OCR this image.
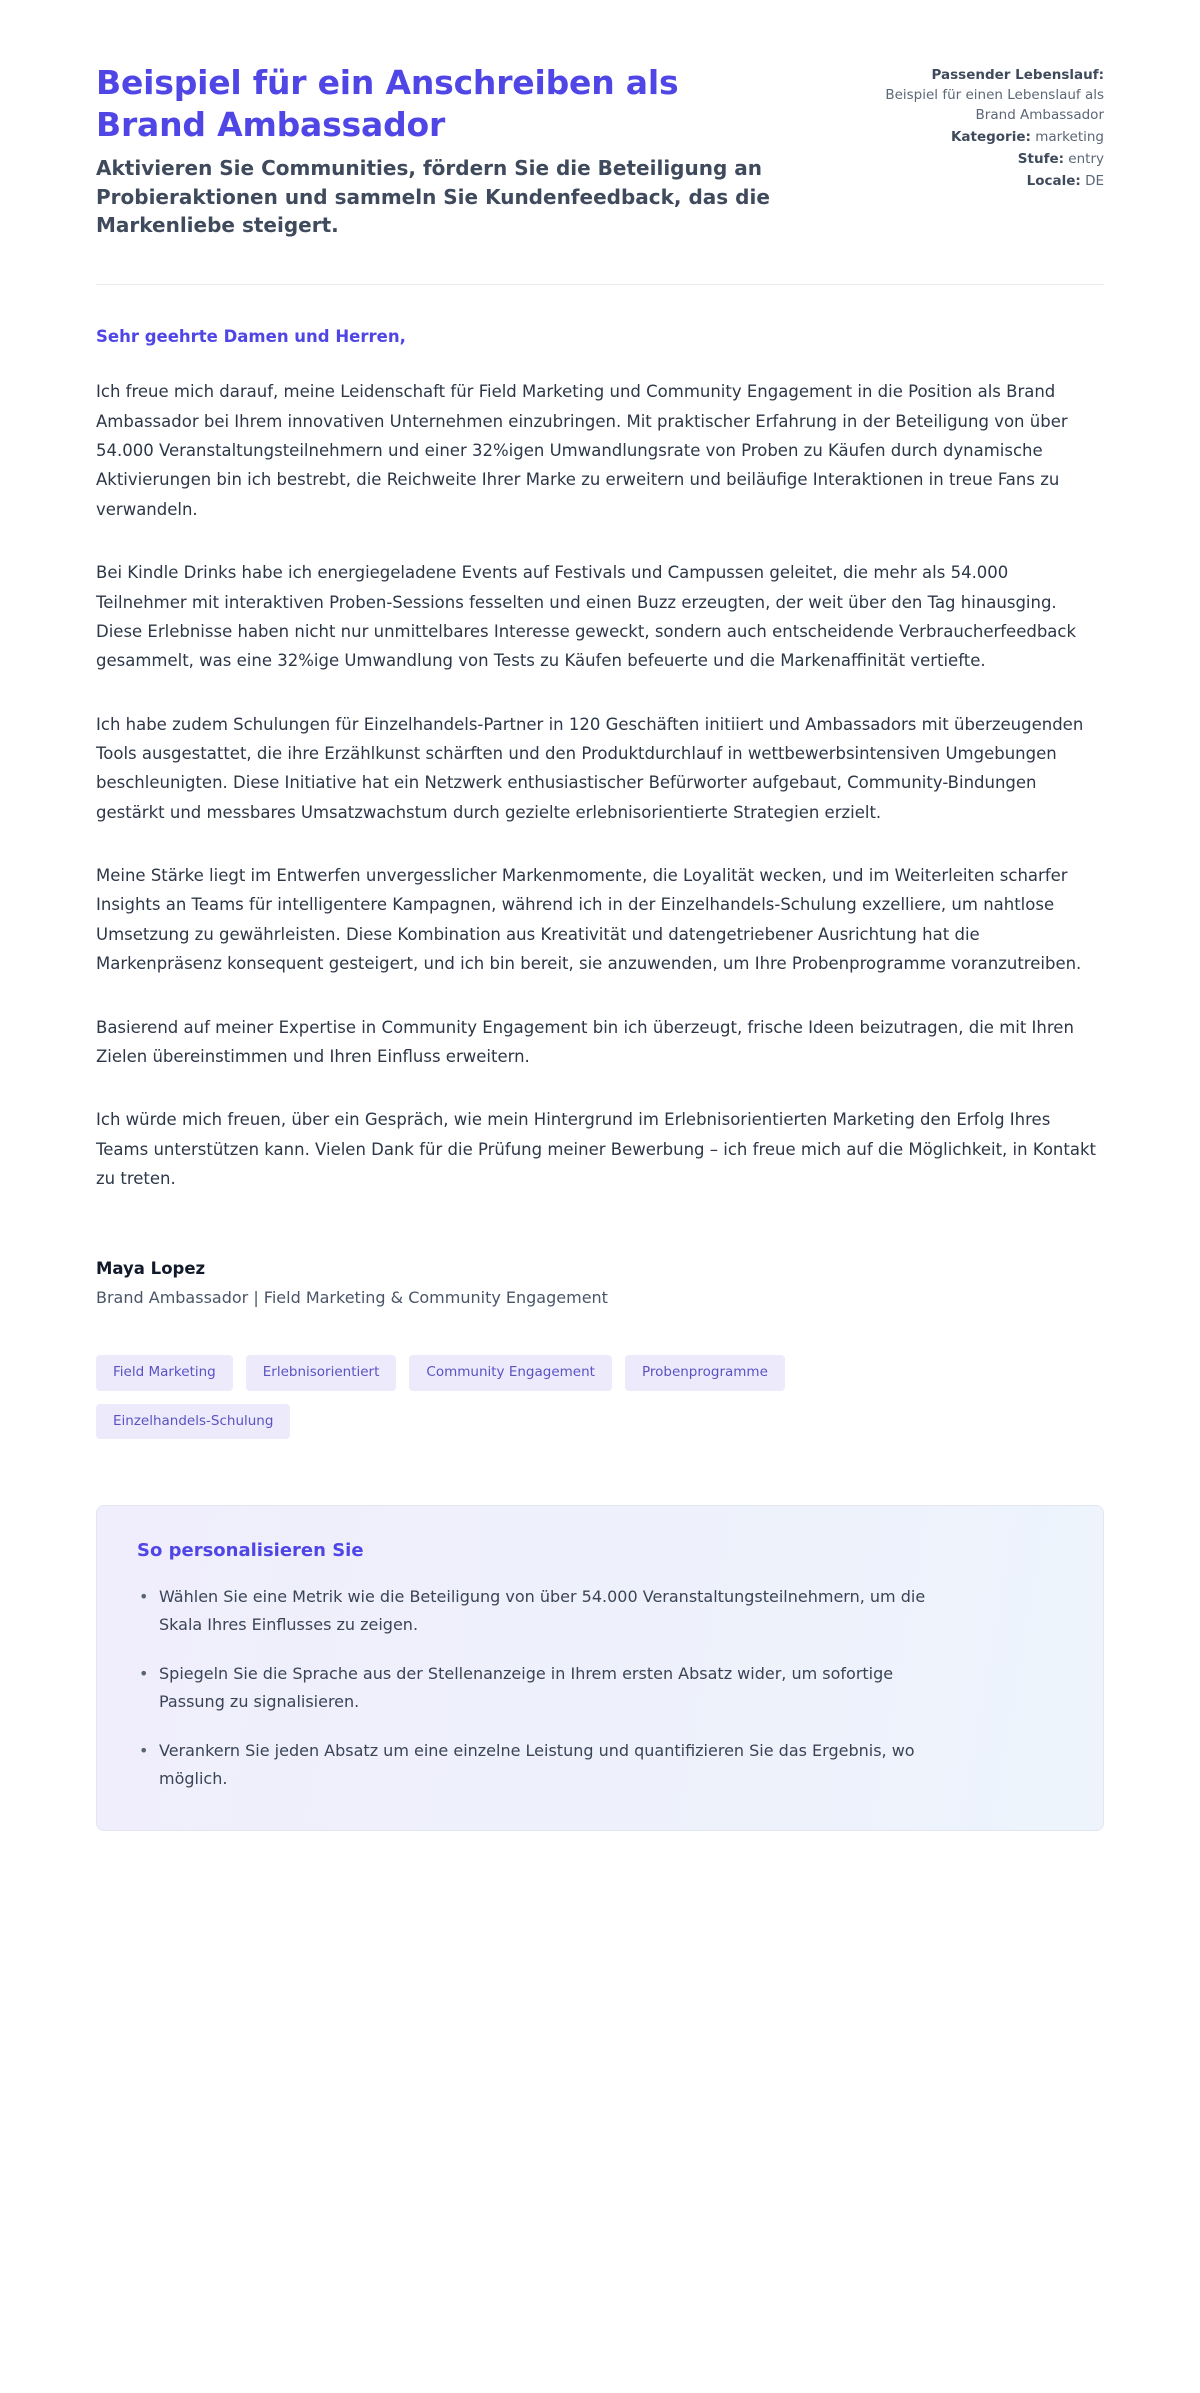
Beispiel für ein Anschreiben als Brand Ambassador

Aktivieren Sie Communities, fördern Sie die Beteiligung an Probieraktionen und sammeln Sie Kundenfeedback, das die Markenliebe steigert.

Passender Lebenslauf:
Beispiel für einen Lebenslauf als Brand Ambassador
Kategorie: marketing
Stufe: entry
Locale: DE

Sehr geehrte Damen und Herren,

Ich freue mich darauf, meine Leidenschaft für Field Marketing und Community Engagement in die Position als Brand Ambassador bei Ihrem innovativen Unternehmen einzubringen. Mit praktischer Erfahrung in der Beteiligung von über 54.000 Veranstaltungsteilnehmern und einer 32%igen Umwandlungsrate von Proben zu Käufen durch dynamische Aktivierungen bin ich bestrebt, die Reichweite Ihrer Marke zu erweitern und beiläufige Interaktionen in treue Fans zu verwandeln.

Bei Kindle Drinks habe ich energiegeladene Events auf Festivals und Campussen geleitet, die mehr als 54.000 Teilnehmer mit interaktiven Proben-Sessions fesselten und einen Buzz erzeugten, der weit über den Tag hinausging. Diese Erlebnisse haben nicht nur unmittelbares Interesse geweckt, sondern auch entscheidende Verbraucherfeedback gesammelt, was eine 32%ige Umwandlung von Tests zu Käufen befeuerte und die Markenaffinität vertiefte.

Ich habe zudem Schulungen für Einzelhandels-Partner in 120 Geschäften initiiert und Ambassadors mit überzeugenden Tools ausgestattet, die ihre Erzählkunst schärften und den Produktdurchlauf in wettbewerbsintensiven Umgebungen beschleunigten. Diese Initiative hat ein Netzwerk enthusiastischer Befürworter aufgebaut, Community-Bindungen gestärkt und messbares Umsatzwachstum durch gezielte erlebnisorientierte Strategien erzielt.

Meine Stärke liegt im Entwerfen unvergesslicher Markenmomente, die Loyalität wecken, und im Weiterleiten scharfer Insights an Teams für intelligentere Kampagnen, während ich in der Einzelhandels-Schulung exzelliere, um nahtlose Umsetzung zu gewährleisten. Diese Kombination aus Kreativität und datengetriebener Ausrichtung hat die Markenpräsenz konsequent gesteigert, und ich bin bereit, sie anzuwenden, um Ihre Probenprogramme voranzutreiben.

Basierend auf meiner Expertise in Community Engagement bin ich überzeugt, frische Ideen beizutragen, die mit Ihren Zielen übereinstimmen und Ihren Einfluss erweitern.

Ich würde mich freuen, über ein Gespräch, wie mein Hintergrund im Erlebnisorientierten Marketing den Erfolg Ihres Teams unterstützen kann. Vielen Dank für die Prüfung meiner Bewerbung – ich freue mich auf die Möglichkeit, in Kontakt zu treten.

Maya Lopez

Brand Ambassador | Field Marketing & Community Engagement

Field Marketing	Erlebnisorientiert	Community Engagement	Probenprogramme
Einzelhandels-Schulung
So personalisieren Sie
• Wählen Sie eine Metrik wie die Beteiligung von über 54.000 Veranstaltungsteilnehmern, um die Skala Ihres Einflusses zu zeigen.
• Spiegeln Sie die Sprache aus der Stellenanzeige in Ihrem ersten Absatz wider, um sofortige Passung zu signalisieren.
• Verankern Sie jeden Absatz um eine einzelne Leistung und quantifizieren Sie das Ergebnis, wo möglich.
